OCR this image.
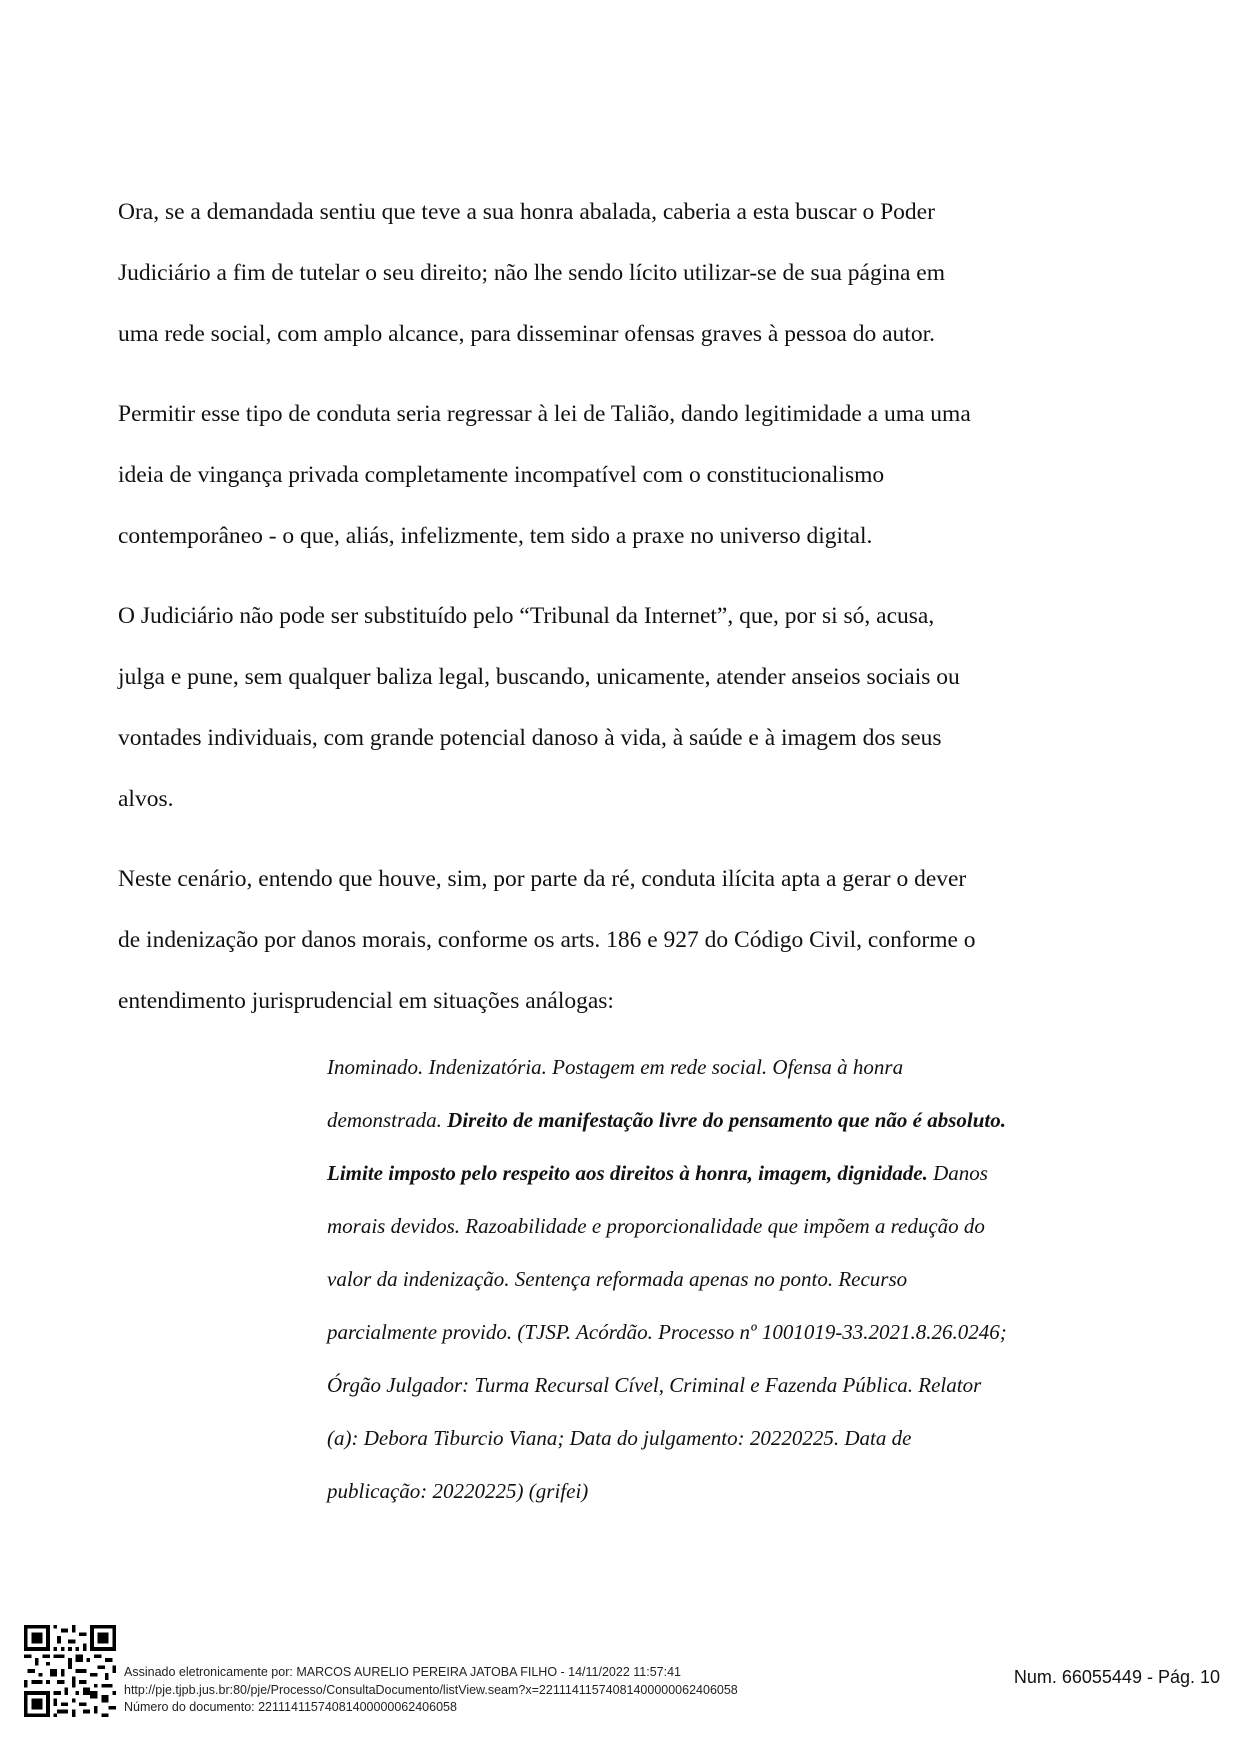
Ora, se a demandada sentiu que teve a sua honra abalada, caberia a esta buscar o Poder
Judiciário a fim de tutelar o seu direito; não lhe sendo lícito utilizar-se de sua página em
uma rede social, com amplo alcance, para disseminar ofensas graves à pessoa do autor.

Permitir esse tipo de conduta seria regressar à lei de Talião, dando legitimidade a uma uma
ideia de vingança privada completamente incompatível com o constitucionalismo
contemporâneo - o que, aliás, infelizmente, tem sido a praxe no universo digital.

O Judiciário não pode ser substituído pelo “Tribunal da Internet”, que, por si só, acusa,
julga e pune, sem qualquer baliza legal, buscando, unicamente, atender anseios sociais ou
vontades individuais, com grande potencial danoso à vida, à saúde e à imagem dos seus
alvos.

Neste cenário, entendo que houve, sim, por parte da ré, conduta ilícita apta a gerar o dever
de indenização por danos morais, conforme os arts. 186 e 927 do Código Civil, conforme o
entendimento jurisprudencial em situações análogas:

Inominado. Indenizatória. Postagem em rede social. Ofensa à honra
demonstrada. Direito de manifestação livre do pensamento que não é absoluto.
Limite imposto pelo respeito aos direitos à honra, imagem, dignidade. Danos
morais devidos. Razoabilidade e proporcionalidade que impõem a redução do
valor da indenização. Sentença reformada apenas no ponto. Recurso
parcialmente provido. (TJSP. Acórdão. Processo nº 1001019-33.2021.8.26.0246;
Órgão Julgador: Turma Recursal Cível, Criminal e Fazenda Pública. Relator
(a): Debora Tiburcio Viana; Data do julgamento: 20220225. Data de
publicação: 20220225) (grifei)
Assinado eletronicamente por: MARCOS AURELIO PEREIRA JATOBA FILHO - 14/11/2022 11:57:41
http://pje.tjpb.jus.br:80/pje/Processo/ConsultaDocumento/listView.seam?x=22111411574081400000062406058
Número do documento: 22111411574081400000062406058
Num. 66055449 - Pág. 10
